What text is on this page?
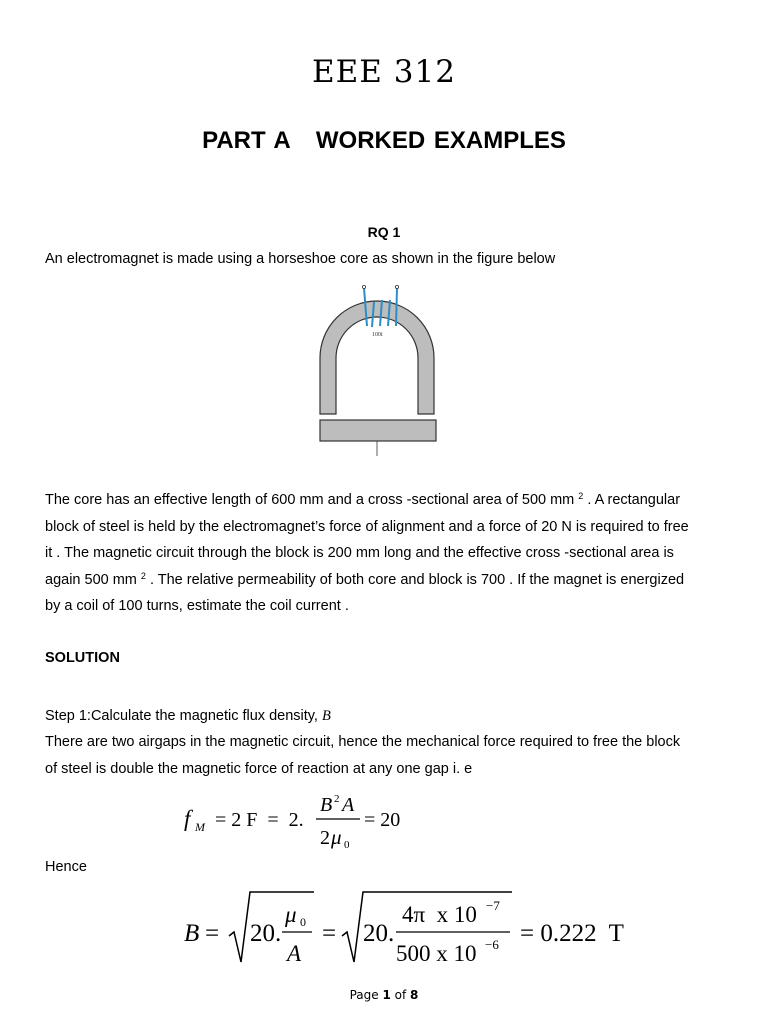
EEE 312
PART A   WORKED EXAMPLES
RQ 1
An electromagnet is made using a horseshoe core as shown in the figure below
100t
The core has an effective length of 600 mm and a cross -sectional area of 500 mm $^2$ . A rectangular
block of steel is held by the electromagnet’s force of alignment and a force of 20 N is required to free
it . The magnetic circuit through the block is 200 mm long and the effective cross -sectional area is
again 500 mm $^2$ . The relative permeability of both core and block is 700 . If the magnet is energized
by a coil of 100 turns, estimate the coil current .
SOLUTION
Step 1:Calculate the magnetic flux density, B
There are two airgaps in the magnetic circuit, hence the mechanical force required to free the block
of steel is double the magnetic force of reaction at any one gap i. e
f M = 2 F  =  2.
B 2 A
2 μ 0
= 20
Hence
B = 20.
μ 0
A
= 20.
4π  x 10 −7
500 x 10 −6 = 0.222  T
Page 1 of 8
